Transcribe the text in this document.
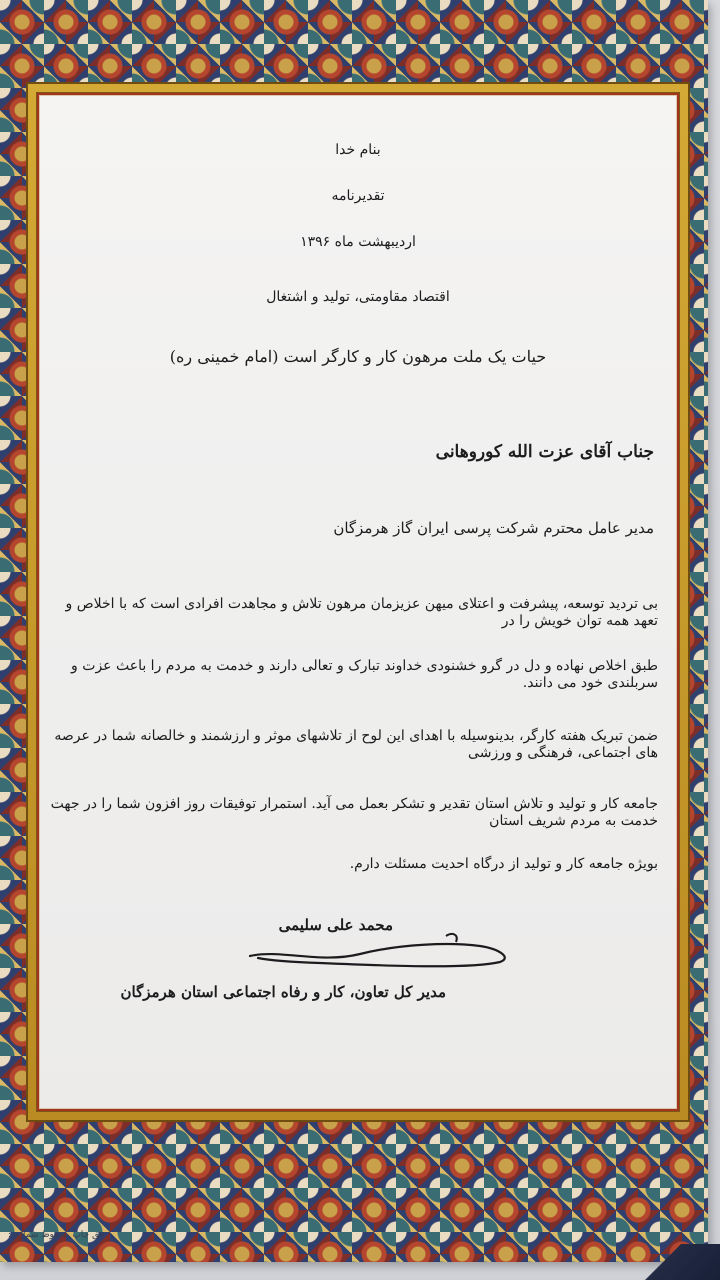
بنام خدا
تقدیرنامه
اردیبهشت ماه ۱۳۹۶
اقتصاد مقاومتی، تولید و اشتغال
حیات یک ملت مرهون کار و کارگر است (امام خمینی ره)
جناب آقای عزت الله کوروهانی
مدیر عامل محترم شرکت پرسی ایران گاز هرمزگان
بی تردید توسعه، پیشرفت و اعتلای میهن عزیزمان مرهون تلاش و مجاهدت افرادی است که با اخلاص و تعهد همه توان خویش را در
طبق اخلاص نهاده و دل در گرو خشنودی خداوند تبارک و تعالی دارند و خدمت به مردم را باعث عزت و سربلندی خود می دانند.
ضمن تبریک هفته کارگر، بدینوسیله با اهدای این لوح از تلاشهای موثر و ارزشمند و خالصانه شما در عرصه های اجتماعی، فرهنگی و ورزشی
جامعه کار و تولید و تلاش استان تقدیر و تشکر بعمل می آید. استمرار توفیقات روز افزون شما را در جهت خدمت به مردم شریف استان
بویژه جامعه کار و تولید از درگاه احدیت مسئلت دارم.
محمد علی سلیمی
مدیر کل تعاون، کار و رفاه اجتماعی استان هرمزگان
حق چاپ محفوظ شماره :
